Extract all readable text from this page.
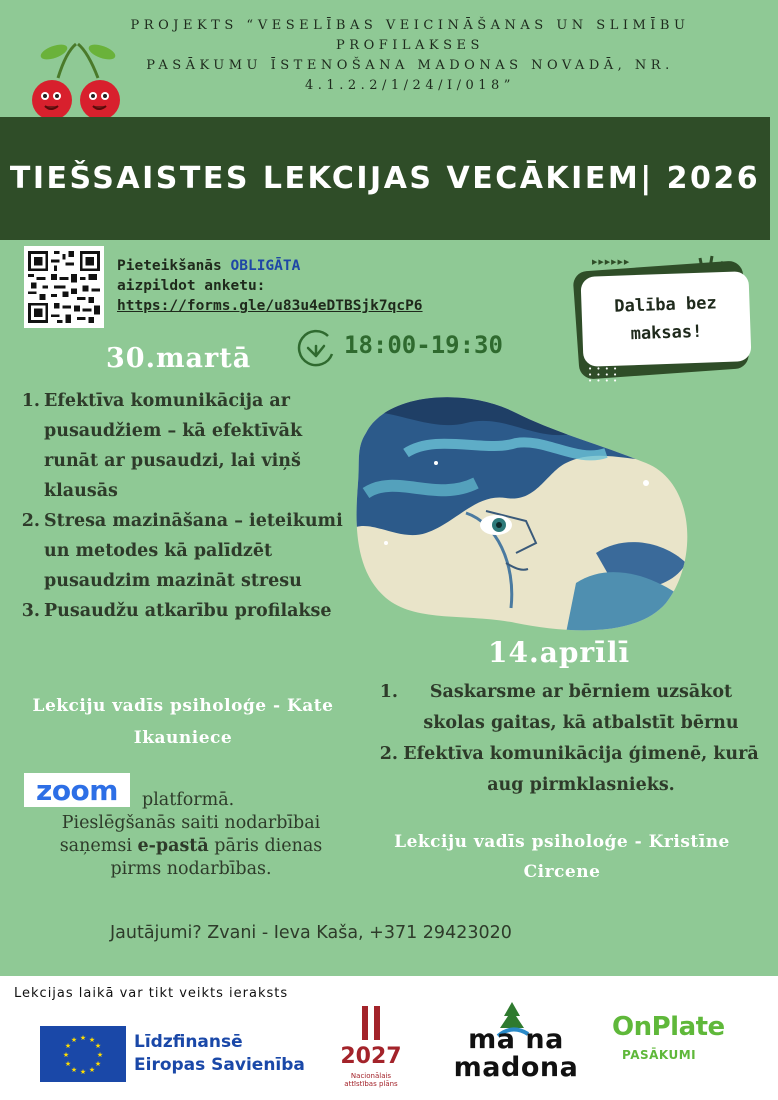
PROJEKTS “VESELĪBAS VEICINĀŠANAS UN SLIMĪBU PROFILAKSES
PASĀKUMU ĪSTENOŠANA MADONAS NOVADĀ, NR.
4.1.2.2/1/24/I/018”
TIEŠSAISTES LEKCIJAS VECĀKIEM| 2026
Pieteikšanās OBLIGĀTA
aizpildot anketu:
https://forms.gle/u83u4eDTBSjk7qcP6
▶▶▶▶▶▶
Dalība bez
maksas!
• • • •
• • • •
• • • •
30.martā	18:00-19:30
1. Efektīva komunikācija ar pusaudžiem – kā efektīvāk runāt ar pusaudzi, lai viņš klausās
2. Stresa mazināšana – ieteikumi un metodes kā palīdzēt pusaudzim mazināt stresu
3. Pusaudžu atkarību profilakse
Lekciju vadīs psiholoģe - Kate
Ikauniece
14.aprīlī
1.	Saskarsme ar bērniem uzsākot skolas gaitas, kā atbalstīt bērnu
2. Efektīva komunikācija ģimenē, kurā aug pirmklasnieks.
Lekciju vadīs psiholoģe - Kristīne
Circene
zoom	platformā.
Pieslēgšanās saiti nodarbībai
saņemsi e-pastā pāris dienas
pirms nodarbības.
Jautājumi? Zvani - Ieva Kaša, +371 29423020
Lekcijas laikā var tikt veikts ieraksts
★ ★
★
★
★
★
★
★
★
★
★
★	Līdzfinansē
Eiropas Savienība 2027
Nacionālais
attīstības plāns
ma na
madona
OnPlate
PASĀKUMI
